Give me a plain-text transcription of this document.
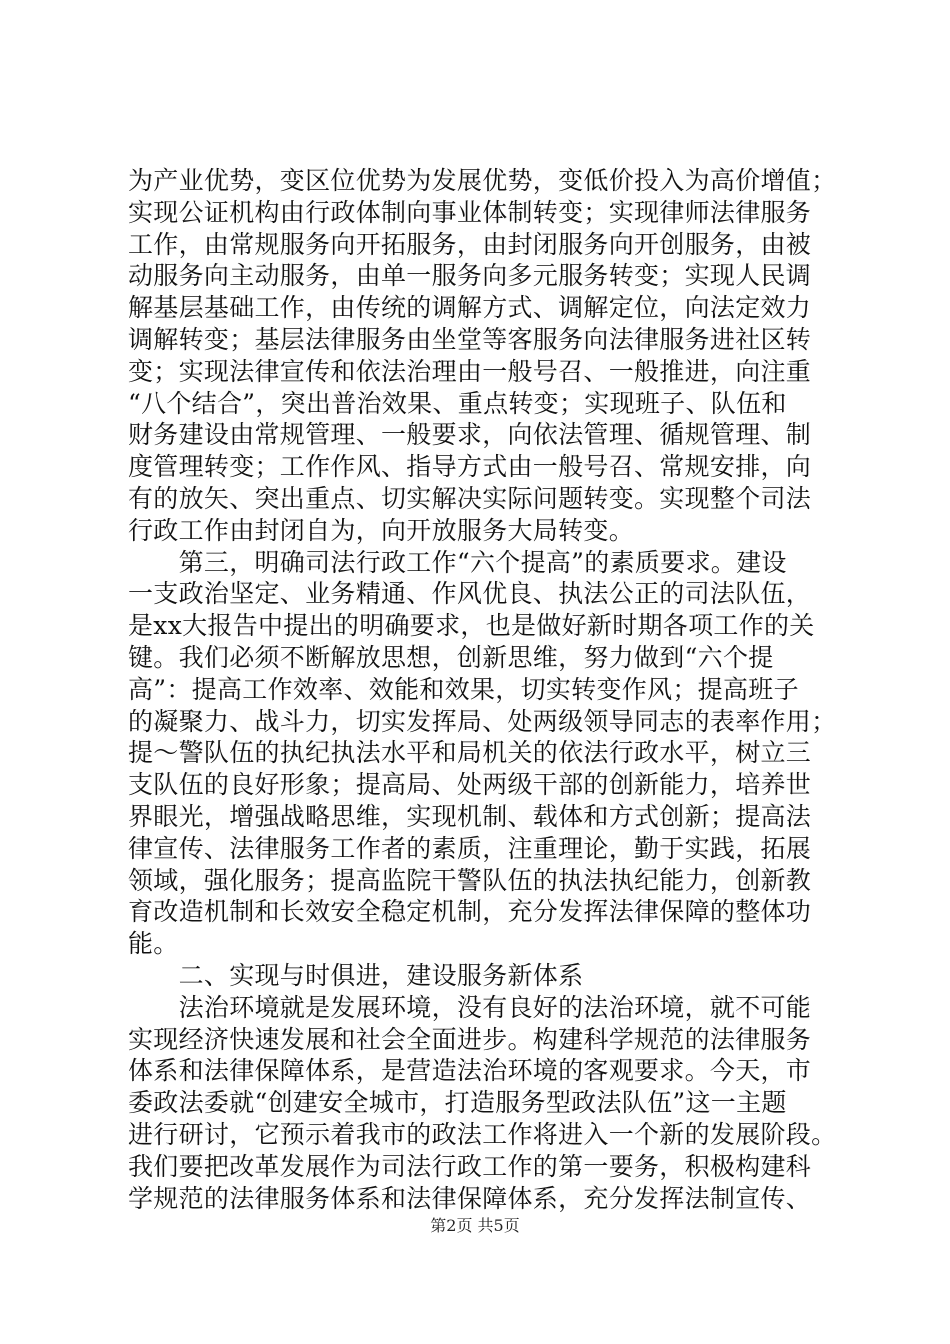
为产业优势，变区位优势为发展优势，变低价投入为高价增值；
实现公证机构由行政体制向事业体制转变；实现律师法律服务
工作，由常规服务向开拓服务，由封闭服务向开创服务，由被
动服务向主动服务，由单一服务向多元服务转变；实现人民调
解基层基础工作，由传统的调解方式、调解定位，向法定效力
调解转变；基层法律服务由坐堂等客服务向法律服务进社区转
变；实现法律宣传和依法治理由一般号召、一般推进，向注重
“八个结合”，突出普治效果、重点转变；实现班子、队伍和
财务建设由常规管理、一般要求，向依法管理、循规管理、制
度管理转变；工作作风、指导方式由一般号召、常规安排，向
有的放矢、突出重点、切实解决实际问题转变。实现整个司法
行政工作由封闭自为，向开放服务大局转变。
　　第三，明确司法行政工作“六个提高”的素质要求。建设
一支政治坚定、业务精通、作风优良、执法公正的司法队伍，
是xx大报告中提出的明确要求，也是做好新时期各项工作的关
键。我们必须不断解放思想，创新思维，努力做到“六个提
高”：提高工作效率、效能和效果，切实转变作风；提高班子
的凝聚力、战斗力，切实发挥局、处两级领导同志的表率作用；
提～警队伍的执纪执法水平和局机关的依法行政水平，树立三
支队伍的良好形象；提高局、处两级干部的创新能力，培养世
界眼光，增强战略思维，实现机制、载体和方式创新；提高法
律宣传、法律服务工作者的素质，注重理论，勤于实践，拓展
领域，强化服务；提高监院干警队伍的执法执纪能力，创新教
育改造机制和长效安全稳定机制，充分发挥法律保障的整体功
能。
　　二、实现与时俱进，建设服务新体系
　　法治环境就是发展环境，没有良好的法治环境，就不可能
实现经济快速发展和社会全面进步。构建科学规范的法律服务
体系和法律保障体系，是营造法治环境的客观要求。今天，市
委政法委就“创建安全城市，打造服务型政法队伍”这一主题
进行研讨，它预示着我市的政法工作将进入一个新的发展阶段。
我们要把改革发展作为司法行政工作的第一要务，积极构建科
学规范的法律服务体系和法律保障体系，充分发挥法制宣传、
第2页 共5页
